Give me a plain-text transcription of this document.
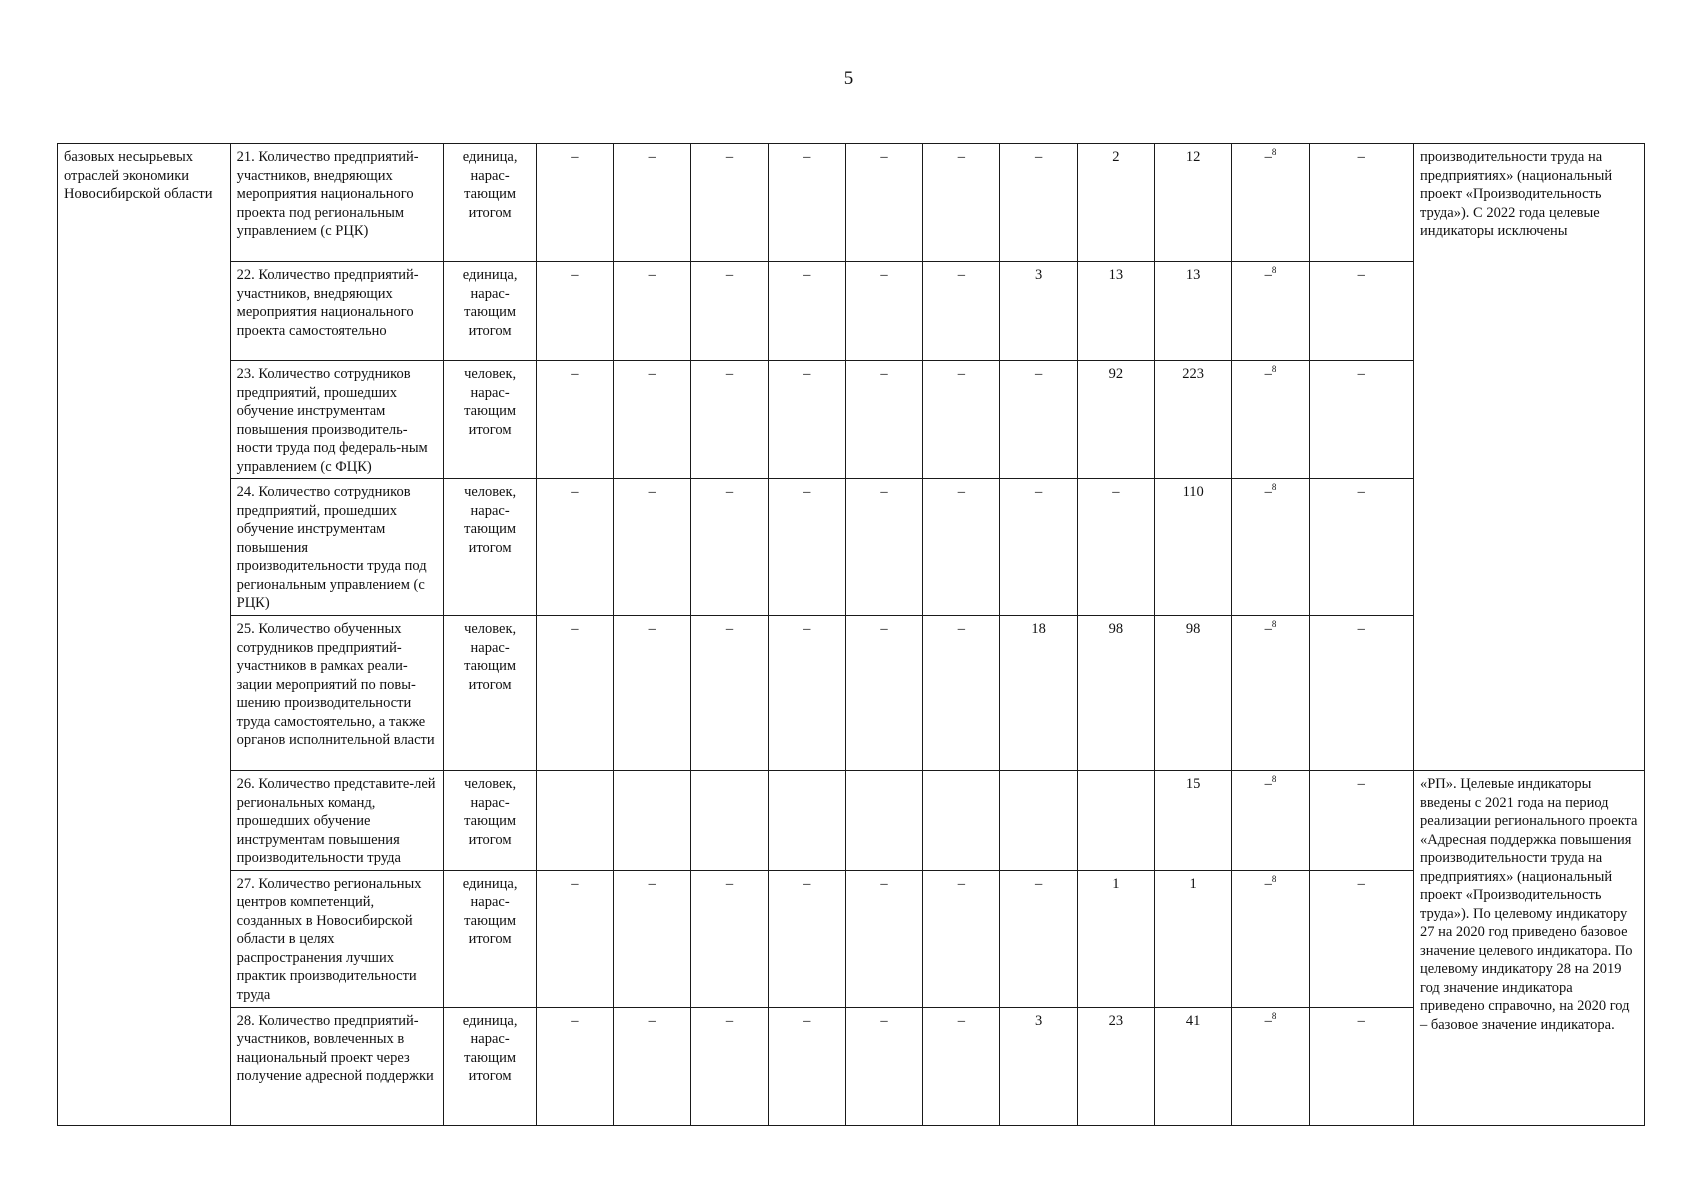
5
базовых несырьевых отраслей экономики Новосибирской области	21. Количество предприятий-участников, внедряющих мероприятия национального проекта под региональным управлением (с РЦК)	единица, нарас-тающим итогом	–	–	–	–	–	–	–	2	12	–$^8$	–	производительности труда на предприятиях» (национальный проект «Производительность труда»). С 2022 года целевые индикаторы исключены
	22. Количество предприятий-участников, внедряющих мероприятия национального проекта самостоятельно	единица, нарас-тающим итогом	–	–	–	–	–	–	3	13	13	–$^8$	–	
	23. Количество сотрудников предприятий, прошедших обучение инструментам повышения производитель-ности труда под федераль-ным управлением (с ФЦК)	человек, нарас-тающим итогом	–	–	–	–	–	–	–	92	223	–$^8$	–	
	24. Количество сотрудников предприятий, прошедших обучение инструментам повышения производительности труда под региональным управлением (с РЦК)	человек, нарас-тающим итогом	–	–	–	–	–	–	–	–	110	–$^8$	–	
	25. Количество обученных сотрудников предприятий-участников в рамках реали-зации мероприятий по повы-шению производительности труда самостоятельно, а также органов исполнительной власти	человек, нарас-тающим итогом	–	–	–	–	–	–	18	98	98	–$^8$	–	
	26. Количество представите-лей региональных команд, прошедших обучение инструментам повышения производительности труда	человек, нарас-тающим итогом									15	–$^8$	–	«РП». Целевые индикаторы введены с 2021 года на период реализации регионального проекта «Адресная поддержка повышения производительности труда на предприятиях» (национальный проект «Производительность труда»). По целевому индикатору 27 на 2020 год приведено базовое значение целевого индикатора. По целевому индикатору 28 на 2019 год значение индикатора приведено справочно, на 2020 год – базовое значение индикатора.
	27. Количество региональных центров компетенций, созданных в Новосибирской области в целях распространения лучших практик производительности труда	единица, нарас-тающим итогом	–	–	–	–	–	–	–	1	1	–$^8$	–	
	28. Количество предприятий-участников, вовлеченных в национальный проект через получение адресной поддержки	единица, нарас-тающим итогом	–	–	–	–	–	–	3	23	41	–$^8$	–	
